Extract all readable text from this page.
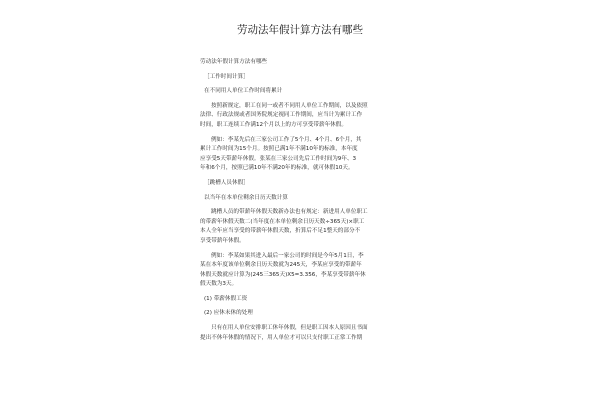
劳动法年假计算方法有哪些

劳动法年假计算方法有哪些

［工作时间计算］

在不同用人单位工作时间将累计

按照新规定，职工在同一或者不同用人单位工作期间，以及依照

法律、行政法规或者国务院规定视同工作期间，应当计为累计工作

时间，职工连续工作满12个月以上的方可享受带薪年休假。

例如：李某先后在三家公司工作了5个月、4个月、6个月，其

累计工作时间为15个月。按照已满1年不满10年的标准，本年度

应享受5天带薪年休假。张某在三家公司先后工作时间为9年、3

年和6个月，按照已满10年不满20年的标准，就可休假10天。

［跳槽人员休假］

以当年在本单位剩余日历天数计算

跳槽人员的带薪年休假天数新办法也有规定：新进用人单位职工

的带薪年休假天数二(当年度在本单位剩余日历天数÷365天)×职工

本人全年应当享受的带薪年休假天数，折算后不足1整天的部分不

享受带薪年休假。

例如：李某如果其进入最后一家公司的时间是今年5月1日，李

某在本年度该单位剩余日历天数就为245天，李某应享受的带薪年

休假天数就应计算为(245三365天)X5=3.356，李某享受带薪年休

假天数为3天。

(1) 带薪休假工资

(2) 应休未休的处理

只有在用人单位安排职工休年休假，但是职工因本人原因且书面

提出不休年休假的情况下，用人单位才可以只支付职工正常工作期
